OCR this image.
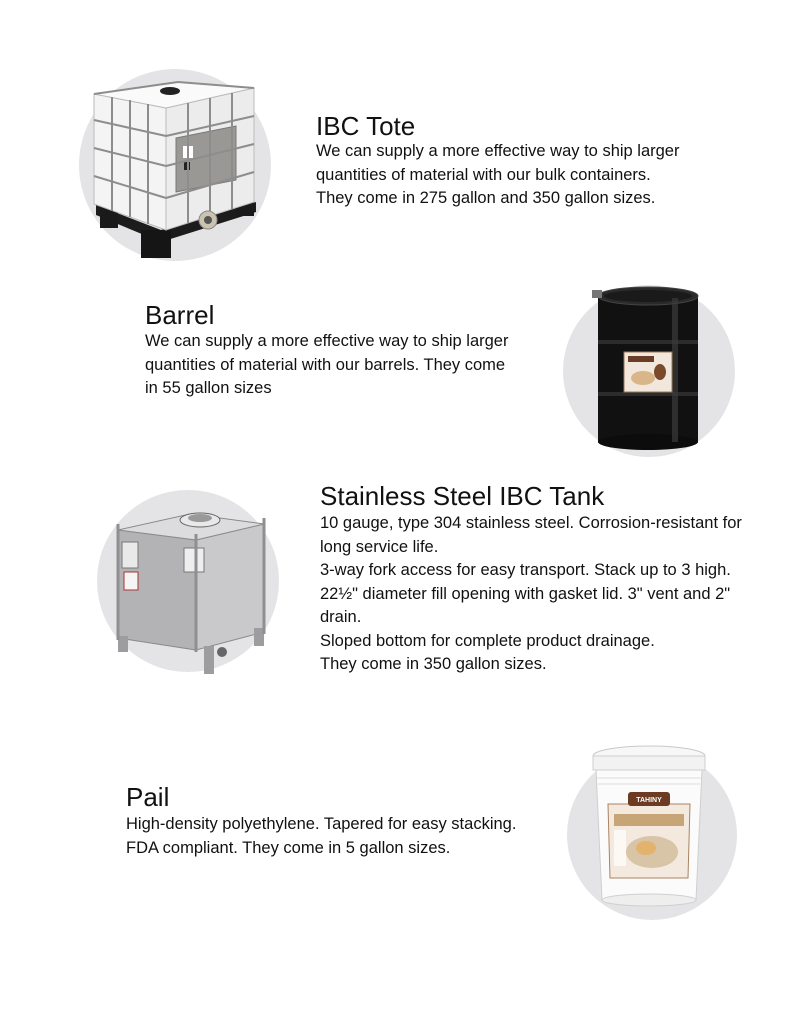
IBC Tote

We can supply a more effective way to ship larger quantities of material with our bulk containers.

They come in 275 gallon and 350 gallon sizes.

Barrel

We can supply a more effective way to ship larger quantities of material with our barrels. They come in 55 gallon sizes

Stainless Steel IBC Tank

10 gauge, type 304 stainless steel. Corrosion-resistant for long service life.

3-way fork access for easy transport. Stack up to 3 high.

22½" diameter fill opening with gasket lid. 3" vent and 2" drain.

Sloped bottom for complete product drainage.

They come in 350 gallon sizes.

Pail

High-density polyethylene. Tapered for easy stacking.

FDA compliant. They come in 5 gallon sizes.

TAHINY
